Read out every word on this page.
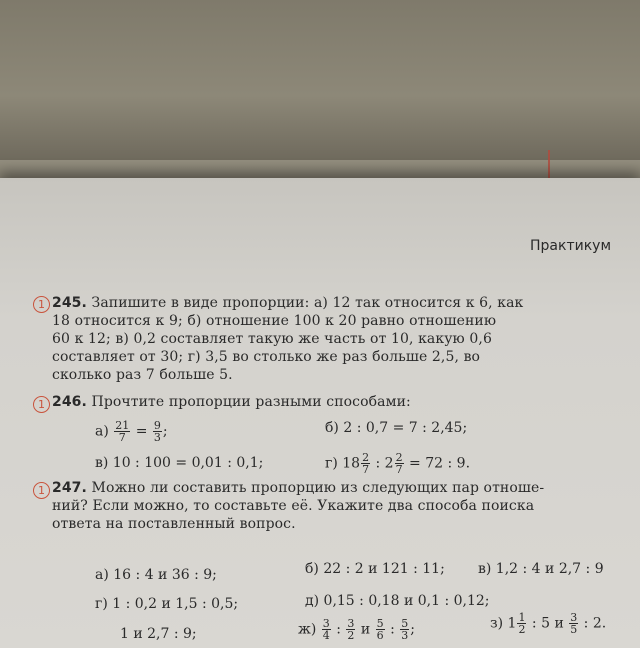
Практикум
1 245. Запишите в виде пропорции: а) 12 так относится к 6, как
18 относится к 9; б) отношение 100 к 20 равно отношению
60 к 12; в) 0,2 составляет такую же часть от 10, какую 0,6
составляет от 30; г) 3,5 во столько же раз больше 2,5, во
сколько раз 7 больше 5.
1 246. Прочтите пропорции разными способами:
$а) \frac{21}{7} = \frac{9}{3}$ ;	б) 2 : 0,7 = 7 : 2,45;
в) 10 : 100 = 0,01 : 0,1;	г) $18 \frac{2}{7}$ : $2 \frac{2}{7} = 72$ : 9.
1 247. Можно ли составить пропорцию из следующих пар отноше-
ний? Если можно, то составьте её. Укажите два способа поиска
ответа на поставленный вопрос.
а) 16 : 4 и 36 : 9;	б) 22 : 2 и 121 : 11; в) 1,2 : 4 и 2,7 : 9
г) 1 : 0,2 и 1,5 : 0,5;	д) 0,15 : 0,18 и 0,1 : 0,12;
1 и 2,7 : 9;	$ж) \frac{3}{4}$ : $\frac{3}{2}$ и $\frac{5}{6}$ : $\frac{5}{3}$ ;	з) $1 \frac{1}{2}$ : 5 и $\frac{3}{5}$ : 2.
